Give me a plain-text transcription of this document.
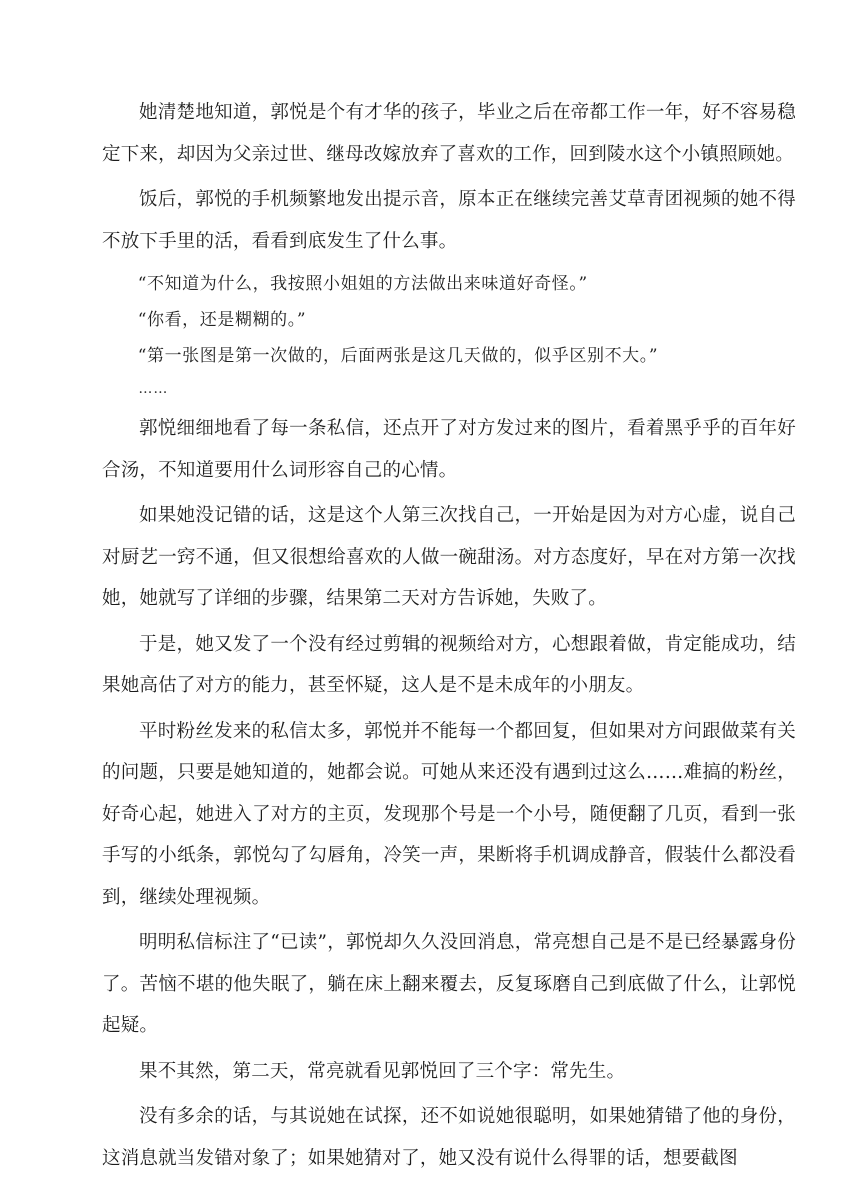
她清楚地知道，郭悦是个有才华的孩子，毕业之后在帝都工作一年，好不容易稳定下来，却因为父亲过世、继母改嫁放弃了喜欢的工作，回到陵水这个小镇照顾她。

饭后，郭悦的手机频繁地发出提示音，原本正在继续完善艾草青团视频的她不得不放下手里的活，看看到底发生了什么事。

“不知道为什么，我按照小姐姐的方法做出来味道好奇怪。”

“你看，还是糊糊的。”

“第一张图是第一次做的，后面两张是这几天做的，似乎区别不大。”

……

郭悦细细地看了每一条私信，还点开了对方发过来的图片，看着黑乎乎的百年好合汤，不知道要用什么词形容自己的心情。

如果她没记错的话，这是这个人第三次找自己，一开始是因为对方心虚，说自己对厨艺一窍不通，但又很想给喜欢的人做一碗甜汤。对方态度好，早在对方第一次找她，她就写了详细的步骤，结果第二天对方告诉她，失败了。

于是，她又发了一个没有经过剪辑的视频给对方，心想跟着做，肯定能成功，结果她高估了对方的能力，甚至怀疑，这人是不是未成年的小朋友。

平时粉丝发来的私信太多，郭悦并不能每一个都回复，但如果对方问跟做菜有关的问题，只要是她知道的，她都会说。可她从来还没有遇到过这么……难搞的粉丝，好奇心起，她进入了对方的主页，发现那个号是一个小号，随便翻了几页，看到一张手写的小纸条，郭悦勾了勾唇角，冷笑一声，果断将手机调成静音，假装什么都没看到，继续处理视频。

明明私信标注了“已读”，郭悦却久久没回消息，常亮想自己是不是已经暴露身份了。苦恼不堪的他失眠了，躺在床上翻来覆去，反复琢磨自己到底做了什么，让郭悦起疑。

果不其然，第二天，常亮就看见郭悦回了三个字：常先生。

没有多余的话，与其说她在试探，还不如说她很聪明，如果她猜错了他的身份，这消息就当发错对象了；如果她猜对了，她又没有说什么得罪的话，想要截图
